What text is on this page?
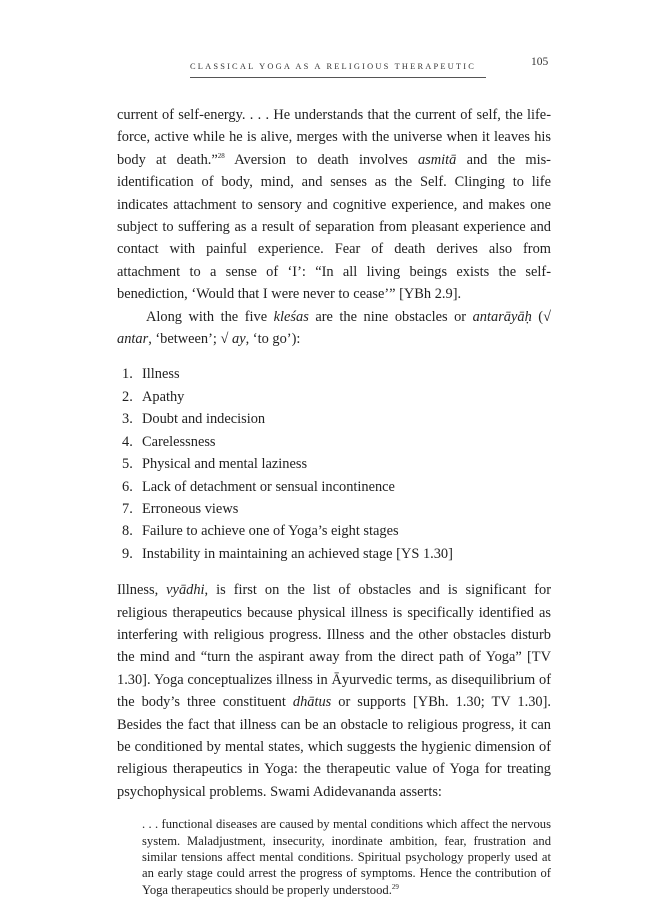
CLASSICAL YOGA AS A RELIGIOUS THERAPEUTIC	105

current of self-energy. . . . He understands that the current of self, the life-force, active while he is alive, merges with the universe when it leaves his body at death.”$^{28}$ Aversion to death involves asmitā and the mis-identification of body, mind, and senses as the Self. Clinging to life indicates attachment to sensory and cognitive experience, and makes one subject to suffering as a result of separation from pleasant experience and contact with painful experience. Fear of death derives also from attachment to a sense of ‘I’: “In all living beings exists the self-benediction, ‘Would that I were never to cease’” [YBh 2.9].

Along with the five kleśas are the nine obstacles or antarāyāḥ (√ antar, ‘between’; √ ay, ‘to go’):

1. Illness
2. Apathy
3. Doubt and indecision
4. Carelessness
5. Physical and mental laziness
6. Lack of detachment or sensual incontinence
7. Erroneous views
8. Failure to achieve one of Yoga’s eight stages
9. Instability in maintaining an achieved stage [YS 1.30]

Illness, vyādhi, is first on the list of obstacles and is significant for religious therapeutics because physical illness is specifically identified as interfering with religious progress. Illness and the other obstacles disturb the mind and “turn the aspirant away from the direct path of Yoga” [TV 1.30]. Yoga conceptualizes illness in Āyurvedic terms, as disequilibrium of the body’s three constituent dhātus or supports [YBh. 1.30; TV 1.30]. Besides the fact that illness can be an obstacle to religious progress, it can be conditioned by mental states, which suggests the hygienic dimension of religious therapeutics in Yoga: the therapeutic value of Yoga for treating psychophysical problems. Swami Adidevananda asserts:

. . . functional diseases are caused by mental conditions which affect the nervous system. Maladjustment, insecurity, inordinate ambition, fear, frustration and similar tensions affect mental conditions. Spiritual psychology properly used at an early stage could arrest the progress of symptoms. Hence the contribution of Yoga therapeutics should be properly understood.$^{29}$
